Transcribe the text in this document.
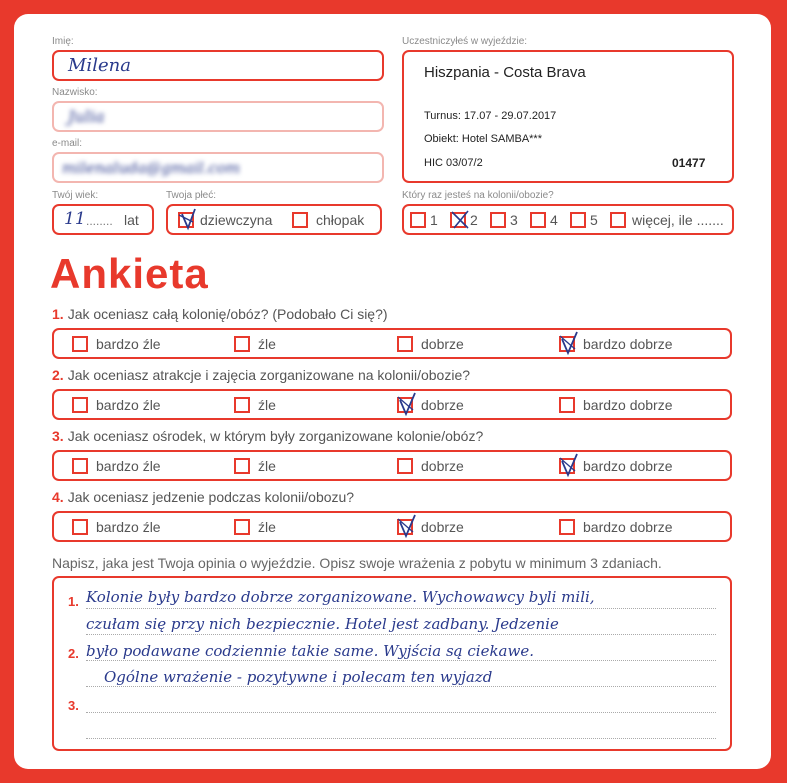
Imię:
Milena
Nazwisko:
Julia
e-mail:
milenaluda@gmail.com
Twój wiek:
11 ........ lat
Twoja płeć:
dziewczyna	chłopak
Uczestniczyłeś w wyjeździe:
Hiszpania - Costa Brava
Turnus: 17.07 - 29.07.2017
Obiekt: Hotel SAMBA***
HIC 03/07/2	01477
Który raz jesteś na kolonii/obozie?
1 2 3 4 5 więcej, ile .......
Ankieta
1. Jak oceniasz całą kolonię/obóz? (Podobało Ci się?)
bardzo źle	źle	dobrze	bardzo dobrze
2. Jak oceniasz atrakcje i zajęcia zorganizowane na kolonii/obozie?
bardzo źle	źle	dobrze	bardzo dobrze
3. Jak oceniasz ośrodek, w którym były zorganizowane kolonie/obóz?
bardzo źle	źle	dobrze	bardzo dobrze
4. Jak oceniasz jedzenie podczas kolonii/obozu?
bardzo źle	źle	dobrze	bardzo dobrze
Napisz, jaka jest Twoja opinia o wyjeździe. Opisz swoje wrażenia z pobytu w minimum 3 zdaniach.
1.
2.
3.
Kolonie były bardzo dobrze zorganizowane. Wychowawcy byli mili,
czułam się przy nich bezpiecznie. Hotel jest zadbany. Jedzenie
było podawane codziennie takie same. Wyjścia są ciekawe.
Ogólne wrażenie - pozytywne i polecam ten wyjazd
